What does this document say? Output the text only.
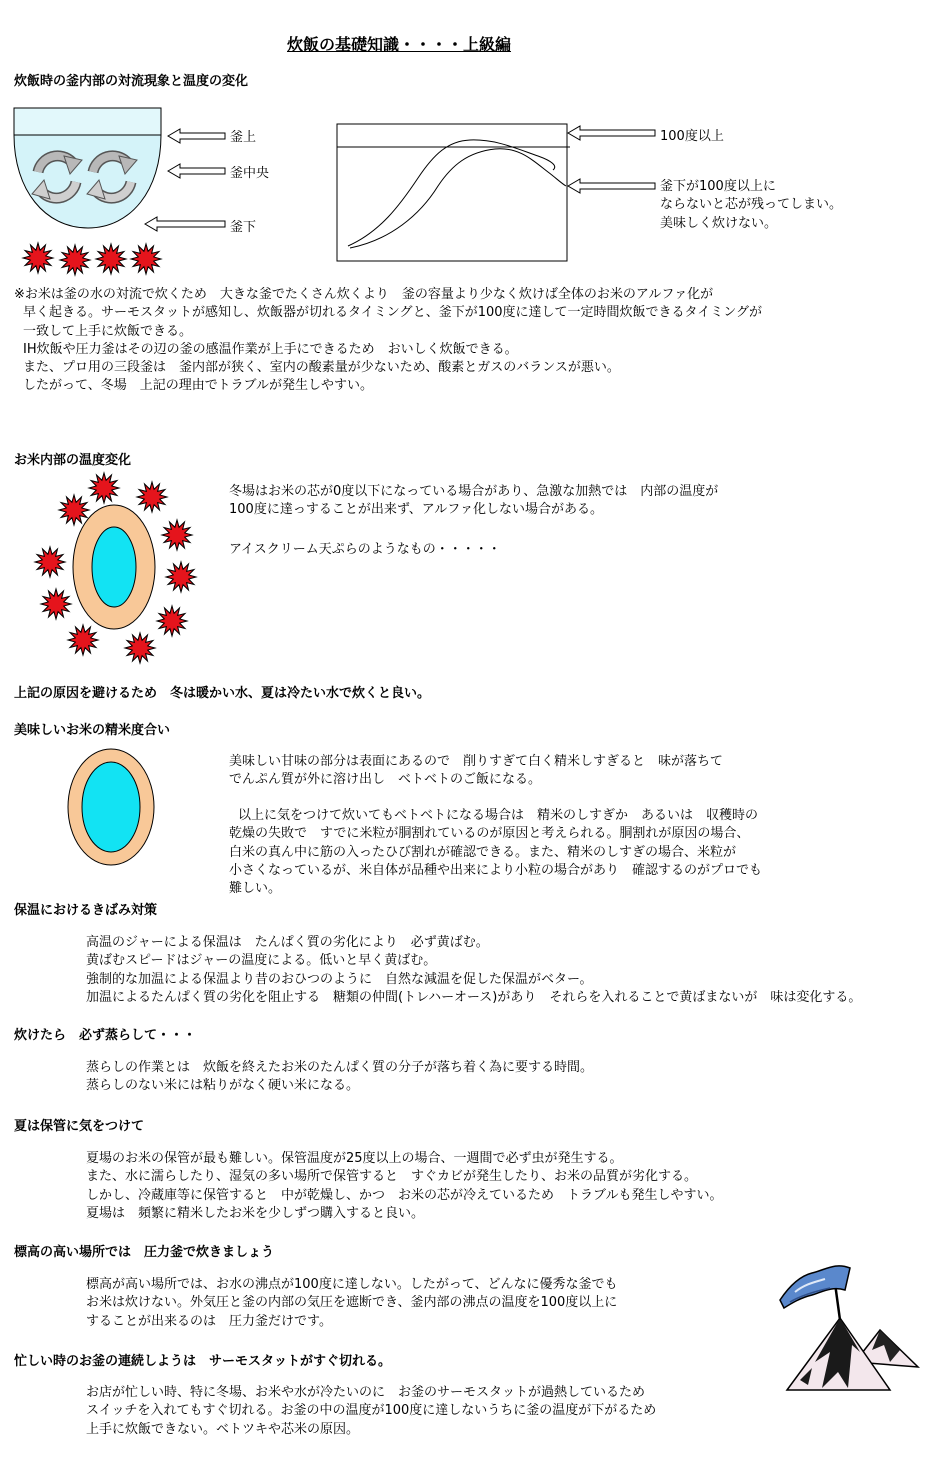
炊飯の基礎知識・・・・上級編
炊飯時の釜内部の対流現象と温度の変化
釜上
釜中央
釜下
100度以上
釜下が100度以上に
ならないと芯が残ってしまい。
美味しく炊けない。
※お米は釜の水の対流で炊くため　大きな釜でたくさん炊くより　釜の容量より少なく炊けば全体のお米のアルファ化が
早く起きる。サーモスタットが感知し、炊飯器が切れるタイミングと、釜下が100度に達して一定時間炊飯できるタイミングが
一致して上手に炊飯できる。
IH炊飯や圧力釜はその辺の釜の感温作業が上手にできるため　おいしく炊飯できる。
また、プロ用の三段釜は　釜内部が狭く、室内の酸素量が少ないため、酸素とガスのバランスが悪い。
したがって、冬場　上記の理由でトラブルが発生しやすい。
お米内部の温度変化
冬場はお米の芯が0度以下になっている場合があり、急激な加熱では　内部の温度が
100度に達っすることが出来ず、アルファ化しない場合がある。
アイスクリーム天ぷらのようなもの・・・・・
上記の原因を避けるため　冬は暖かい水、夏は冷たい水で炊くと良い。
美味しいお米の精米度合い
美味しい甘味の部分は表面にあるので　削りすぎて白く精米しすぎると　味が落ちて
でんぷん質が外に溶け出し　ベトベトのご飯になる。
以上に気をつけて炊いてもベトベトになる場合は　精米のしすぎか　あるいは　収穫時の
乾燥の失敗で　すでに米粒が胴割れているのが原因と考えられる。胴割れが原因の場合、
白米の真ん中に筋の入ったひび割れが確認できる。また、精米のしすぎの場合、米粒が
小さくなっているが、米自体が品種や出来により小粒の場合があり　確認するのがプロでも
難しい。
保温におけるきばみ対策
高温のジャーによる保温は　たんぱく質の劣化により　必ず黄ばむ。
黄ばむスピードはジャーの温度による。低いと早く黄ばむ。
強制的な加温による保温より昔のおひつのように　自然な減温を促した保温がベター。
加温によるたんぱく質の劣化を阻止する　糖類の仲間(トレハーオース)があり　それらを入れることで黄ばまないが　味は変化する。
炊けたら　必ず蒸らして・・・
蒸らしの作業とは　炊飯を終えたお米のたんぱく質の分子が落ち着く為に要する時間。
蒸らしのない米には粘りがなく硬い米になる。
夏は保管に気をつけて
夏場のお米の保管が最も難しい。保管温度が25度以上の場合、一週間で必ず虫が発生する。
また、水に濡らしたり、湿気の多い場所で保管すると　すぐカビが発生したり、お米の品質が劣化する。
しかし、冷蔵庫等に保管すると　中が乾燥し、かつ　お米の芯が冷えているため　トラブルも発生しやすい。
夏場は　頻繁に精米したお米を少しずつ購入すると良い。
標高の高い場所では　圧力釜で炊きましょう
標高が高い場所では、お水の沸点が100度に達しない。したがって、どんなに優秀な釜でも
お米は炊けない。外気圧と釜の内部の気圧を遮断でき、釜内部の沸点の温度を100度以上に
することが出来るのは　圧力釜だけです。
忙しい時のお釜の連続しようは　サーモスタットがすぐ切れる。
お店が忙しい時、特に冬場、お米や水が冷たいのに　お釜のサーモスタットが過熱しているため
スイッチを入れてもすぐ切れる。お釜の中の温度が100度に達しないうちに釜の温度が下がるため
上手に炊飯できない。ベトツキや芯米の原因。
